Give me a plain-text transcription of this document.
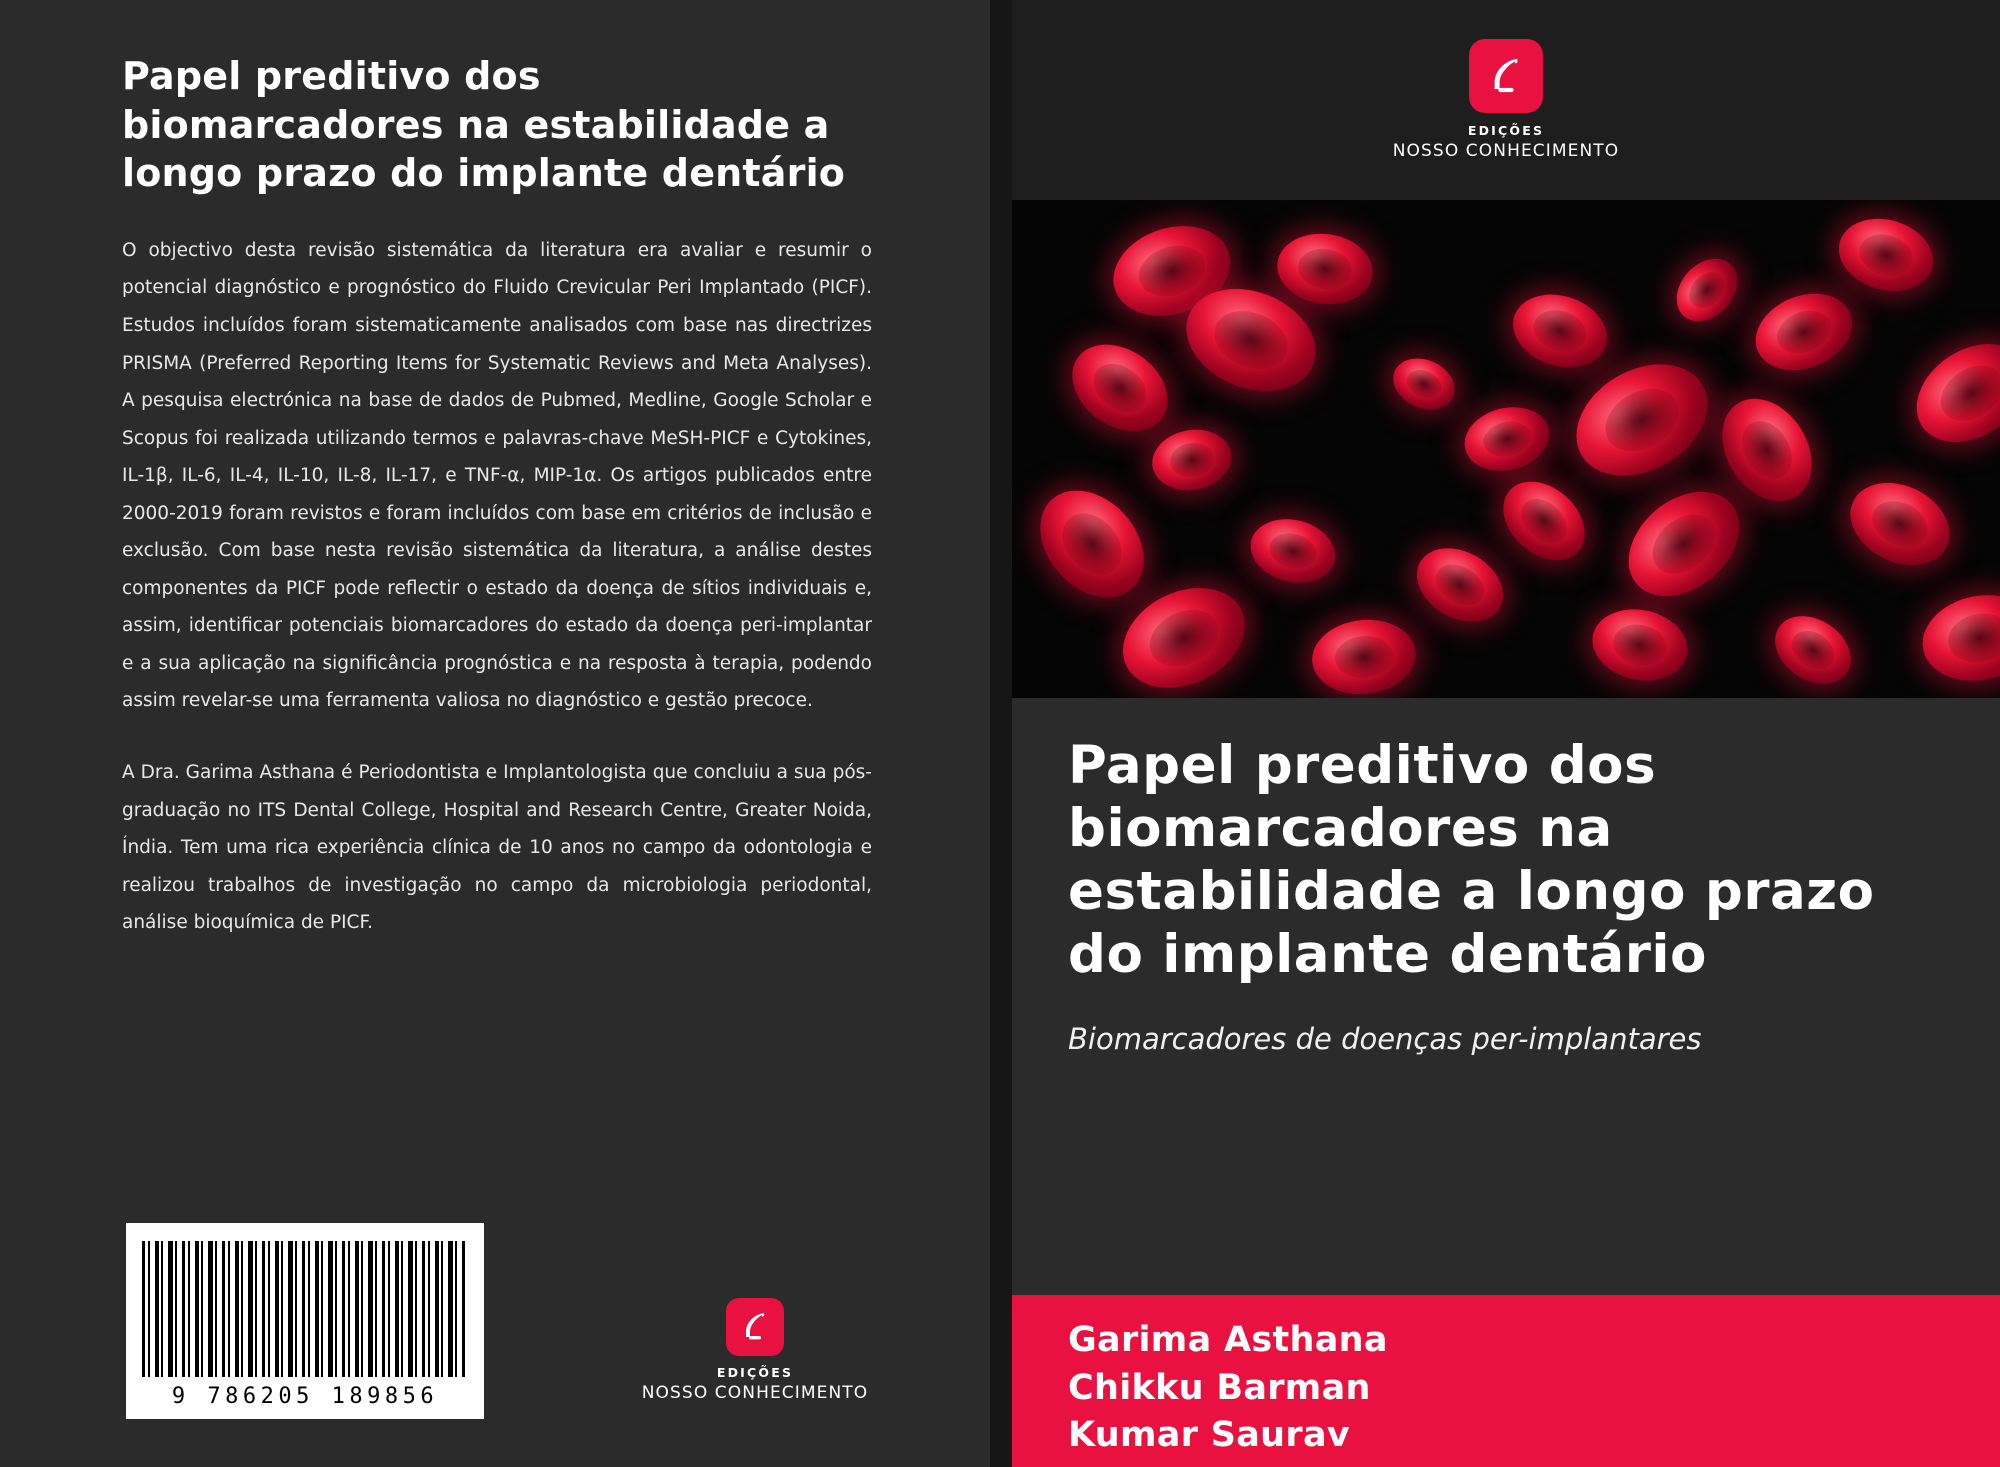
Papel preditivo dos biomarcadores na estabilidade a longo prazo do implante dentário

O objectivo desta revisão sistemática da literatura era avaliar e resumir o potencial diagnóstico e prognóstico do Fluido Crevicular Peri Implantado (PICF). Estudos incluídos foram sistematicamente analisados com base nas directrizes PRISMA (Preferred Reporting Items for Systematic Reviews and Meta Analyses). A pesquisa electrónica na base de dados de Pubmed, Medline, Google Scholar e Scopus foi realizada utilizando termos e palavras-chave MeSH-PICF e Cytokines, IL-1β, IL-6, IL-4, IL-10, IL-8, IL-17, e TNF-α, MIP-1α. Os artigos publicados entre 2000-2019 foram revistos e foram incluídos com base em critérios de inclusão e exclusão. Com base nesta revisão sistemática da literatura, a análise destes componentes da PICF pode reflectir o estado da doença de sítios individuais e, assim, identificar potenciais biomarcadores do estado da doença peri-implantar e a sua aplicação na significância prognóstica e na resposta à terapia, podendo assim revelar-se uma ferramenta valiosa no diagnóstico e gestão precoce.

A Dra. Garima Asthana é Periodontista e Implantologista que concluiu a sua pós-graduação no ITS Dental College, Hospital and Research Centre, Greater Noida, Índia. Tem uma rica experiência clínica de 10 anos no campo da odontologia e realizou trabalhos de investigação no campo da microbiologia periodontal, análise bioquímica de PICF.

9 786205 189856
EDIÇÕES
NOSSO CONHECIMENTO
EDIÇÕES
NOSSO CONHECIMENTO
Papel preditivo dos biomarcadores na estabilidade a longo prazo do implante dentário

Biomarcadores de doenças per-implantares

Garima Asthana
Chikku Barman
Kumar Saurav
